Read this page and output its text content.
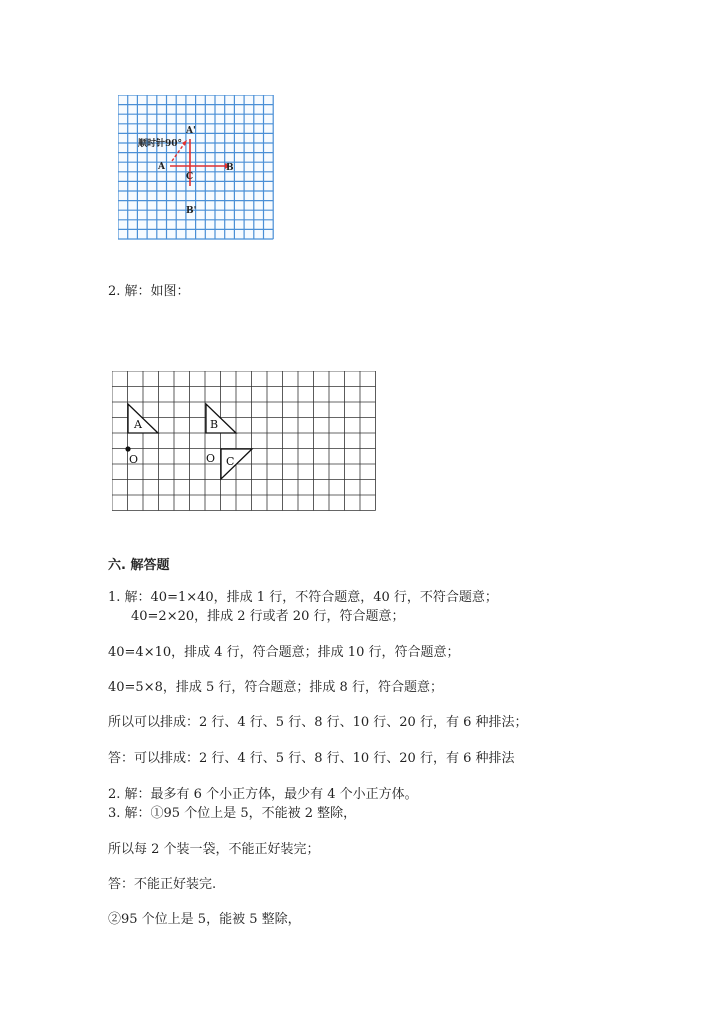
顺时针90°
A'
A	B
C
B'
2. 解：如图：
A	B
C
O	O
六. 解答题
1. 解：40=1×40，排成 1 行，不符合题意，40 行，不符合题意；
40=2×20，排成 2 行或者 20 行，符合题意；
40=4×10，排成 4 行，符合题意；排成 10 行，符合题意；
40=5×8，排成 5 行，符合题意；排成 8 行，符合题意；
所以可以排成：2 行、4 行、5 行、8 行、10 行、20 行，有 6 种排法；
答：可以排成：2 行、4 行、5 行、8 行、10 行、20 行，有 6 种排法
2. 解：最多有 6 个小正方体，最少有 4 个小正方体。
3. 解：①95 个位上是 5，不能被 2 整除，
所以每 2 个装一袋，不能正好装完；
答：不能正好装完.
②95 个位上是 5，能被 5 整除，
